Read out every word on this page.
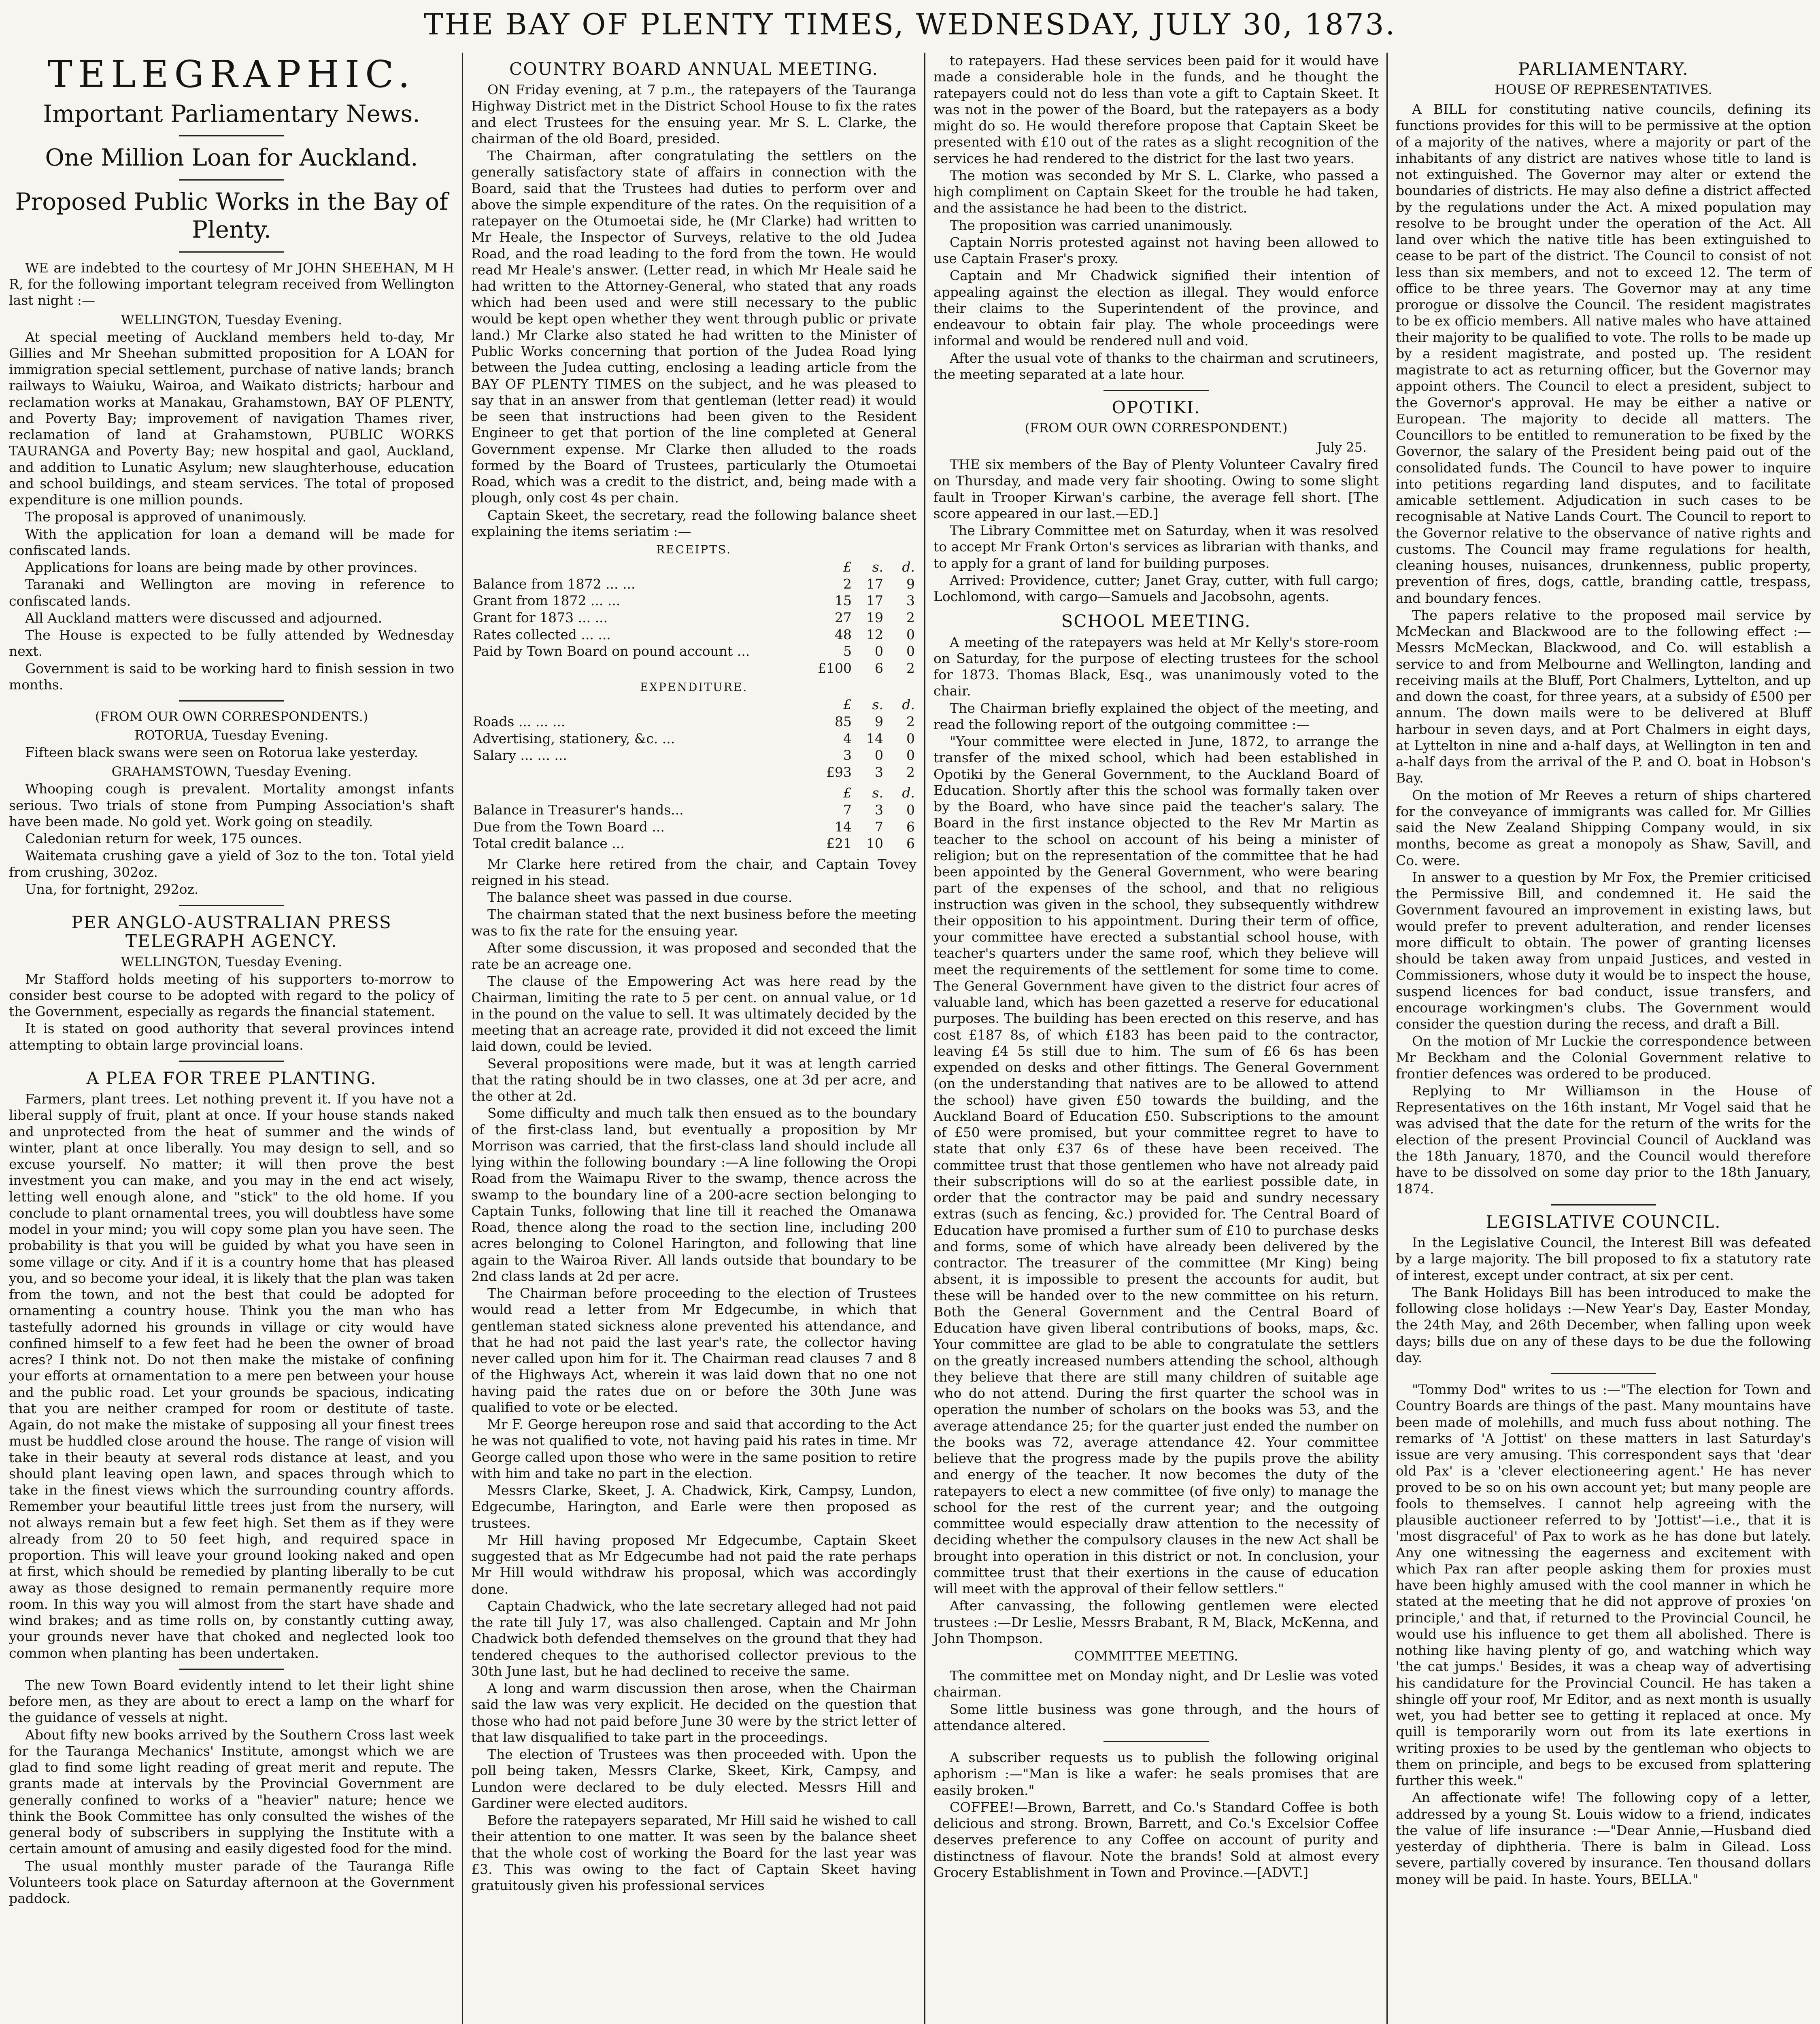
THE BAY OF PLENTY TIMES, WEDNESDAY, JULY 30, 1873.
TELEGRAPHIC.
Important Parliamentary News.
One Million Loan for Auckland.
Proposed Public Works in the Bay of Plenty.

WE are indebted to the courtesy of Mr JOHN SHEEHAN, M H R, for the following important telegram received from Wellington last night :—

WELLINGTON, Tuesday Evening.

At special meeting of Auckland members held to-day, Mr Gillies and Mr Sheehan submitted proposition for A LOAN for immigration special settlement, purchase of native lands; branch railways to Waiuku, Wairoa, and Waikato districts; harbour and reclamation works at Manakau, Grahamstown, BAY OF PLENTY, and Poverty Bay; improvement of navigation Thames river, reclamation of land at Grahamstown, PUBLIC WORKS TAURANGA and Poverty Bay; new hospital and gaol, Auckland, and addition to Lunatic Asylum; new slaughterhouse, education and school buildings, and steam services. The total of proposed expenditure is one million pounds.

The proposal is approved of unanimously.

With the application for loan a demand will be made for confiscated lands.

Applications for loans are being made by other provinces.

Taranaki and Wellington are moving in reference to confiscated lands.

All Auckland matters were discussed and adjourned.

The House is expected to be fully attended by Wednesday next.

Government is said to be working hard to finish session in two months.

(FROM OUR OWN CORRESPONDENTS.)
ROTORUA, Tuesday Evening.

Fifteen black swans were seen on Rotorua lake yesterday.

GRAHAMSTOWN, Tuesday Evening.

Whooping cough is prevalent. Mortality amongst infants serious. Two trials of stone from Pumping Association's shaft have been made. No gold yet. Work going on steadily.

Caledonian return for week, 175 ounces.

Waitemata crushing gave a yield of 3oz to the ton. Total yield from crushing, 302oz.

Una, for fortnight, 292oz.

PER ANGLO-AUSTRALIAN PRESS TELEGRAPH AGENCY.
WELLINGTON, Tuesday Evening.

Mr Stafford holds meeting of his supporters to-morrow to consider best course to be adopted with regard to the policy of the Government, especially as regards the financial statement.

It is stated on good authority that several provinces intend attempting to obtain large provincial loans.

A PLEA FOR TREE PLANTING.

Farmers, plant trees. Let nothing prevent it. If you have not a liberal supply of fruit, plant at once. If your house stands naked and unprotected from the heat of summer and the winds of winter, plant at once liberally. You may design to sell, and so excuse yourself. No matter; it will then prove the best investment you can make, and you may in the end act wisely, letting well enough alone, and "stick" to the old home. If you conclude to plant ornamental trees, you will doubtless have some model in your mind; you will copy some plan you have seen. The probability is that you will be guided by what you have seen in some village or city. And if it is a country home that has pleased you, and so become your ideal, it is likely that the plan was taken from the town, and not the best that could be adopted for ornamenting a country house. Think you the man who has tastefully adorned his grounds in village or city would have confined himself to a few feet had he been the owner of broad acres? I think not. Do not then make the mistake of confining your efforts at ornamentation to a mere pen between your house and the public road. Let your grounds be spacious, indicating that you are neither cramped for room or destitute of taste. Again, do not make the mistake of supposing all your finest trees must be huddled close around the house. The range of vision will take in their beauty at several rods distance at least, and you should plant leaving open lawn, and spaces through which to take in the finest views which the surrounding country affords. Remember your beautiful little trees just from the nursery, will not always remain but a few feet high. Set them as if they were already from 20 to 50 feet high, and required space in proportion. This will leave your ground looking naked and open at first, which should be remedied by planting liberally to be cut away as those designed to remain permanently require more room. In this way you will almost from the start have shade and wind brakes; and as time rolls on, by constantly cutting away, your grounds never have that choked and neglected look too common when planting has been undertaken.

The new Town Board evidently intend to let their light shine before men, as they are about to erect a lamp on the wharf for the guidance of vessels at night.

About fifty new books arrived by the Southern Cross last week for the Tauranga Mechanics' Institute, amongst which we are glad to find some light reading of great merit and repute. The grants made at intervals by the Provincial Government are generally confined to works of a "heavier" nature; hence we think the Book Committee has only consulted the wishes of the general body of subscribers in supplying the Institute with a certain amount of amusing and easily digested food for the mind.

The usual monthly muster parade of the Tauranga Rifle Volunteers took place on Saturday afternoon at the Government paddock.

COUNTRY BOARD ANNUAL MEETING.

ON Friday evening, at 7 p.m., the ratepayers of the Tauranga Highway District met in the District School House to fix the rates and elect Trustees for the ensuing year. Mr S. L. Clarke, the chairman of the old Board, presided.

The Chairman, after congratulating the settlers on the generally satisfactory state of affairs in connection with the Board, said that the Trustees had duties to perform over and above the simple expenditure of the rates. On the requisition of a ratepayer on the Otumoetai side, he (Mr Clarke) had written to Mr Heale, the Inspector of Surveys, relative to the old Judea Road, and the road leading to the ford from the town. He would read Mr Heale's answer. (Letter read, in which Mr Heale said he had written to the Attorney-General, who stated that any roads which had been used and were still necessary to the public would be kept open whether they went through public or private land.) Mr Clarke also stated he had written to the Minister of Public Works concerning that portion of the Judea Road lying between the Judea cutting, enclosing a leading article from the BAY OF PLENTY TIMES on the subject, and he was pleased to say that in an answer from that gentleman (letter read) it would be seen that instructions had been given to the Resident Engineer to get that portion of the line completed at General Government expense. Mr Clarke then alluded to the roads formed by the Board of Trustees, particularly the Otumoetai Road, which was a credit to the district, and, being made with a plough, only cost 4s per chain.

Captain Skeet, the secretary, read the following balance sheet explaining the items seriatim :—

RECEIPTS.
	£	s.	d.
Balance from 1872 ... ...	2	17	9
Grant from 1872 ... ...	15	17	3
Grant for 1873 ... ...	27	19	2
Rates collected ... ...	48	12	0
Paid by Town Board on pound account ...	5	0	0
	£100	6	2
EXPENDITURE.
	£	s.	d.
Roads ... ... ...	85	9	2
Advertising, stationery, &c. ...	4	14	0
Salary ... ... ...	3	0	0
	£93	3	2
	£	s.	d.
Balance in Treasurer's hands...	7	3	0
Due from the Town Board ...	14	7	6
Total credit balance ...	£21	10	6

Mr Clarke here retired from the chair, and Captain Tovey reigned in his stead.

The balance sheet was passed in due course.

The chairman stated that the next business before the meeting was to fix the rate for the ensuing year.

After some discussion, it was proposed and seconded that the rate be an acreage one.

The clause of the Empowering Act was here read by the Chairman, limiting the rate to 5 per cent. on annual value, or 1d in the pound on the value to sell. It was ultimately decided by the meeting that an acreage rate, provided it did not exceed the limit laid down, could be levied.

Several propositions were made, but it was at length carried that the rating should be in two classes, one at 3d per acre, and the other at 2d.

Some difficulty and much talk then ensued as to the boundary of the first-class land, but eventually a proposition by Mr Morrison was carried, that the first-class land should include all lying within the following boundary :—A line following the Oropi Road from the Waimapu River to the swamp, thence across the swamp to the boundary line of a 200-acre section belonging to Captain Tunks, following that line till it reached the Omanawa Road, thence along the road to the section line, including 200 acres belonging to Colonel Harington, and following that line again to the Wairoa River. All lands outside that boundary to be 2nd class lands at 2d per acre.

The Chairman before proceeding to the election of Trustees would read a letter from Mr Edgecumbe, in which that gentleman stated sickness alone prevented his attendance, and that he had not paid the last year's rate, the collector having never called upon him for it. The Chairman read clauses 7 and 8 of the Highways Act, wherein it was laid down that no one not having paid the rates due on or before the 30th June was qualified to vote or be elected.

Mr F. George hereupon rose and said that according to the Act he was not qualified to vote, not having paid his rates in time. Mr George called upon those who were in the same position to retire with him and take no part in the election.

Messrs Clarke, Skeet, J. A. Chadwick, Kirk, Campsy, Lundon, Edgecumbe, Harington, and Earle were then proposed as trustees.

Mr Hill having proposed Mr Edgecumbe, Captain Skeet suggested that as Mr Edgecumbe had not paid the rate perhaps Mr Hill would withdraw his proposal, which was accordingly done.

Captain Chadwick, who the late secretary alleged had not paid the rate till July 17, was also challenged. Captain and Mr John Chadwick both defended themselves on the ground that they had tendered cheques to the authorised collector previous to the 30th June last, but he had declined to receive the same.

A long and warm discussion then arose, when the Chairman said the law was very explicit. He decided on the question that those who had not paid before June 30 were by the strict letter of that law disqualified to take part in the proceedings.

The election of Trustees was then proceeded with. Upon the poll being taken, Messrs Clarke, Skeet, Kirk, Campsy, and Lundon were declared to be duly elected. Messrs Hill and Gardiner were elected auditors.

Before the ratepayers separated, Mr Hill said he wished to call their attention to one matter. It was seen by the balance sheet that the whole cost of working the Board for the last year was £3. This was owing to the fact of Captain Skeet having gratuitously given his professional services

to ratepayers. Had these services been paid for it would have made a considerable hole in the funds, and he thought the ratepayers could not do less than vote a gift to Captain Skeet. It was not in the power of the Board, but the ratepayers as a body might do so. He would therefore propose that Captain Skeet be presented with £10 out of the rates as a slight recognition of the services he had rendered to the district for the last two years.

The motion was seconded by Mr S. L. Clarke, who passed a high compliment on Captain Skeet for the trouble he had taken, and the assistance he had been to the district.

The proposition was carried unanimously.

Captain Norris protested against not having been allowed to use Captain Fraser's proxy.

Captain and Mr Chadwick signified their intention of appealing against the election as illegal. They would enforce their claims to the Superintendent of the province, and endeavour to obtain fair play. The whole proceedings were informal and would be rendered null and void.

After the usual vote of thanks to the chairman and scrutineers, the meeting separated at a late hour.

OPOTIKI.
(FROM OUR OWN CORRESPONDENT.)
July 25.

THE six members of the Bay of Plenty Volunteer Cavalry fired on Thursday, and made very fair shooting. Owing to some slight fault in Trooper Kirwan's carbine, the average fell short. [The score appeared in our last.—ED.]

The Library Committee met on Saturday, when it was resolved to accept Mr Frank Orton's services as librarian with thanks, and to apply for a grant of land for building purposes.

Arrived: Providence, cutter; Janet Gray, cutter, with full cargo; Lochlomond, with cargo—Samuels and Jacobsohn, agents.

SCHOOL MEETING.

A meeting of the ratepayers was held at Mr Kelly's store-room on Saturday, for the purpose of electing trustees for the school for 1873. Thomas Black, Esq., was unanimously voted to the chair.

The Chairman briefly explained the object of the meeting, and read the following report of the outgoing committee :—

"Your committee were elected in June, 1872, to arrange the transfer of the mixed school, which had been established in Opotiki by the General Government, to the Auckland Board of Education. Shortly after this the school was formally taken over by the Board, who have since paid the teacher's salary. The Board in the first instance objected to the Rev Mr Martin as teacher to the school on account of his being a minister of religion; but on the representation of the committee that he had been appointed by the General Government, who were bearing part of the expenses of the school, and that no religious instruction was given in the school, they subsequently withdrew their opposition to his appointment. During their term of office, your committee have erected a substantial school house, with teacher's quarters under the same roof, which they believe will meet the requirements of the settlement for some time to come. The General Government have given to the district four acres of valuable land, which has been gazetted a reserve for educational purposes. The building has been erected on this reserve, and has cost £187 8s, of which £183 has been paid to the contractor, leaving £4 5s still due to him. The sum of £6 6s has been expended on desks and other fittings. The General Government (on the understanding that natives are to be allowed to attend the school) have given £50 towards the building, and the Auckland Board of Education £50. Subscriptions to the amount of £50 were promised, but your committee regret to have to state that only £37 6s of these have been received. The committee trust that those gentlemen who have not already paid their subscriptions will do so at the earliest possible date, in order that the contractor may be paid and sundry necessary extras (such as fencing, &c.) provided for. The Central Board of Education have promised a further sum of £10 to purchase desks and forms, some of which have already been delivered by the contractor. The treasurer of the committee (Mr King) being absent, it is impossible to present the accounts for audit, but these will be handed over to the new committee on his return. Both the General Government and the Central Board of Education have given liberal contributions of books, maps, &c. Your committee are glad to be able to congratulate the settlers on the greatly increased numbers attending the school, although they believe that there are still many children of suitable age who do not attend. During the first quarter the school was in operation the number of scholars on the books was 53, and the average attendance 25; for the quarter just ended the number on the books was 72, average attendance 42. Your committee believe that the progress made by the pupils prove the ability and energy of the teacher. It now becomes the duty of the ratepayers to elect a new committee (of five only) to manage the school for the rest of the current year; and the outgoing committee would especially draw attention to the necessity of deciding whether the compulsory clauses in the new Act shall be brought into operation in this district or not. In conclusion, your committee trust that their exertions in the cause of education will meet with the approval of their fellow settlers."

After canvassing, the following gentlemen were elected trustees :—Dr Leslie, Messrs Brabant, R M, Black, McKenna, and John Thompson.

COMMITTEE MEETING.

The committee met on Monday night, and Dr Leslie was voted chairman.

Some little business was gone through, and the hours of attendance altered.

A subscriber requests us to publish the following original aphorism :—"Man is like a wafer: he seals promises that are easily broken."

COFFEE!—Brown, Barrett, and Co.'s Standard Coffee is both delicious and strong. Brown, Barrett, and Co.'s Excelsior Coffee deserves preference to any Coffee on account of purity and distinctness of flavour. Note the brands! Sold at almost every Grocery Establishment in Town and Province.—[ADVT.]

PARLIAMENTARY.
HOUSE OF REPRESENTATIVES.

A BILL for constituting native councils, defining its functions provides for this will to be permissive at the option of a majority of the natives, where a majority or part of the inhabitants of any district are natives whose title to land is not extinguished. The Governor may alter or extend the boundaries of districts. He may also define a district affected by the regulations under the Act. A mixed population may resolve to be brought under the operation of the Act. All land over which the native title has been extinguished to cease to be part of the district. The Council to consist of not less than six members, and not to exceed 12. The term of office to be three years. The Governor may at any time prorogue or dissolve the Council. The resident magistrates to be ex officio members. All native males who have attained their majority to be qualified to vote. The rolls to be made up by a resident magistrate, and posted up. The resident magistrate to act as returning officer, but the Governor may appoint others. The Council to elect a president, subject to the Governor's approval. He may be either a native or European. The majority to decide all matters. The Councillors to be entitled to remuneration to be fixed by the Governor, the salary of the President being paid out of the consolidated funds. The Council to have power to inquire into petitions regarding land disputes, and to facilitate amicable settlement. Adjudication in such cases to be recognisable at Native Lands Court. The Council to report to the Governor relative to the observance of native rights and customs. The Council may frame regulations for health, cleaning houses, nuisances, drunkenness, public property, prevention of fires, dogs, cattle, branding cattle, trespass, and boundary fences.

The papers relative to the proposed mail service by McMeckan and Blackwood are to the following effect :—Messrs McMeckan, Blackwood, and Co. will establish a service to and from Melbourne and Wellington, landing and receiving mails at the Bluff, Port Chalmers, Lyttelton, and up and down the coast, for three years, at a subsidy of £500 per annum. The down mails were to be delivered at Bluff harbour in seven days, and at Port Chalmers in eight days, at Lyttelton in nine and a-half days, at Wellington in ten and a-half days from the arrival of the P. and O. boat in Hobson's Bay.

On the motion of Mr Reeves a return of ships chartered for the conveyance of immigrants was called for. Mr Gillies said the New Zealand Shipping Company would, in six months, become as great a monopoly as Shaw, Savill, and Co. were.

In answer to a question by Mr Fox, the Premier criticised the Permissive Bill, and condemned it. He said the Government favoured an improvement in existing laws, but would prefer to prevent adulteration, and render licenses more difficult to obtain. The power of granting licenses should be taken away from unpaid Justices, and vested in Commissioners, whose duty it would be to inspect the house, suspend licences for bad conduct, issue transfers, and encourage workingmen's clubs. The Government would consider the question during the recess, and draft a Bill.

On the motion of Mr Luckie the correspondence between Mr Beckham and the Colonial Government relative to frontier defences was ordered to be produced.

Replying to Mr Williamson in the House of Representatives on the 16th instant, Mr Vogel said that he was advised that the date for the return of the writs for the election of the present Provincial Council of Auckland was the 18th January, 1870, and the Council would therefore have to be dissolved on some day prior to the 18th January, 1874.

LEGISLATIVE COUNCIL.

In the Legislative Council, the Interest Bill was defeated by a large majority. The bill proposed to fix a statutory rate of interest, except under contract, at six per cent.

The Bank Holidays Bill has been introduced to make the following close holidays :—New Year's Day, Easter Monday, the 24th May, and 26th December, when falling upon week days; bills due on any of these days to be due the following day.

"Tommy Dod" writes to us :—"The election for Town and Country Boards are things of the past. Many mountains have been made of molehills, and much fuss about nothing. The remarks of 'A Jottist' on these matters in last Saturday's issue are very amusing. This correspondent says that 'dear old Pax' is a 'clever electioneering agent.' He has never proved to be so on his own account yet; but many people are fools to themselves. I cannot help agreeing with the plausible auctioneer referred to by 'Jottist'—i.e., that it is 'most disgraceful' of Pax to work as he has done but lately. Any one witnessing the eagerness and excitement with which Pax ran after people asking them for proxies must have been highly amused with the cool manner in which he stated at the meeting that he did not approve of proxies 'on principle,' and that, if returned to the Provincial Council, he would use his influence to get them all abolished. There is nothing like having plenty of go, and watching which way 'the cat jumps.' Besides, it was a cheap way of advertising his candidature for the Provincial Council. He has taken a shingle off your roof, Mr Editor, and as next month is usually wet, you had better see to getting it replaced at once. My quill is temporarily worn out from its late exertions in writing proxies to be used by the gentleman who objects to them on principle, and begs to be excused from splattering further this week."

An affectionate wife! The following copy of a letter, addressed by a young St. Louis widow to a friend, indicates the value of life insurance :—"Dear Annie,—Husband died yesterday of diphtheria. There is balm in Gilead. Loss severe, partially covered by insurance. Ten thousand dollars money will be paid. In haste. Yours, BELLA."
